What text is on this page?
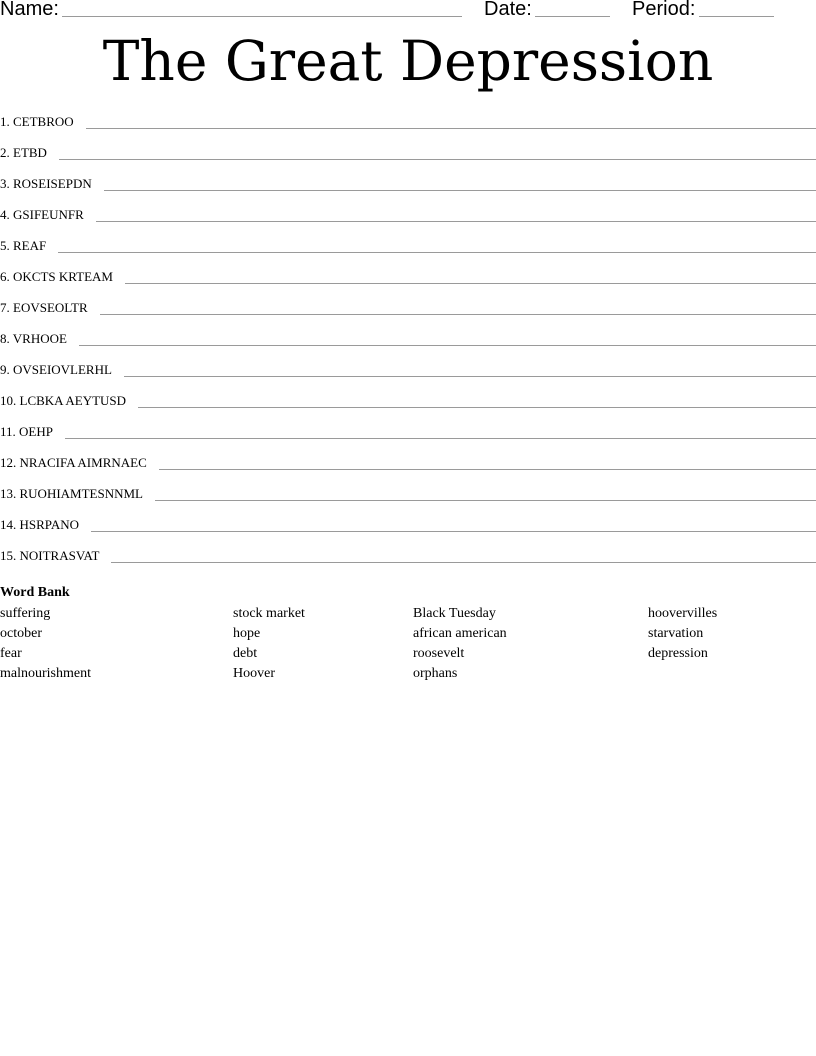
Name:	Date:	Period:
The Great Depression
1. CETBROO
2. ETBD
3. ROSEISEPDN
4. GSIFEUNFR
5. REAF
6. OKCTS KRTEAM
7. EOVSEOLTR
8. VRHOOE
9. OVSEIOVLERHL
10. LCBKA AEYTUSD
11. OEHP
12. NRACIFA AIMRNAEC
13. RUOHIAMTESNNML
14. HSRPANO
15. NOITRASVAT
Word Bank
suffering
october
fear
malnourishment
stock market
hope
debt
Hoover
Black Tuesday
african american
roosevelt
orphans
hoovervilles
starvation
depression
